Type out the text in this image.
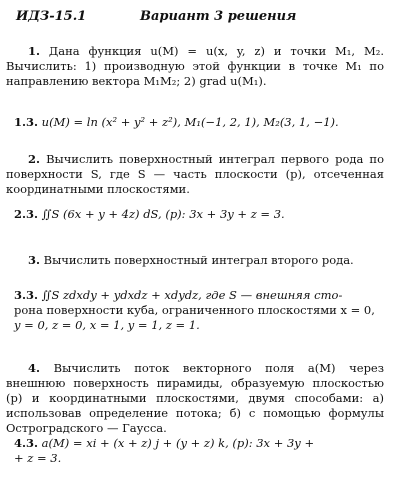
ИДЗ-15.1	Вариант 3 решения

1. Дана функция u(M) = u(x, y, z) и точки M₁, M₂. Вычислить: 1) производную этой функции в точке M₁ по направлению вектора M₁M₂; 2) grad u(M₁).

1.3. u(M) = ln (x² + y² + z²), M₁(−1, 2, 1), M₂(3, 1, −1).

2. Вычислить поверхностный интеграл первого рода по поверхности S, где S — часть плоскости (p), отсеченная координатными плоскостями.

2.3. ∬S (6x + y + 4z) dS, (p): 3x + 3y + z = 3.

3. Вычислить поверхностный интеграл второго рода.

3.3. ∬S zdxdy + ydxdz + xdydz, где S — внешняя сто-
рона поверхности куба, ограниченного плоскостями x = 0,
y = 0, z = 0, x = 1, y = 1, z = 1.

4. Вычислить поток векторного поля a(M) через внешнюю поверхность пирамиды, образуемую плоскостью (p) и координатными плоскостями, двумя способами: а) использовав определение потока; б) с помощью формулы Остроградского — Гаусса.

4.3. a(M) = xi + (x + z) j + (y + z) k, (p): 3x + 3y +
+ z = 3.
